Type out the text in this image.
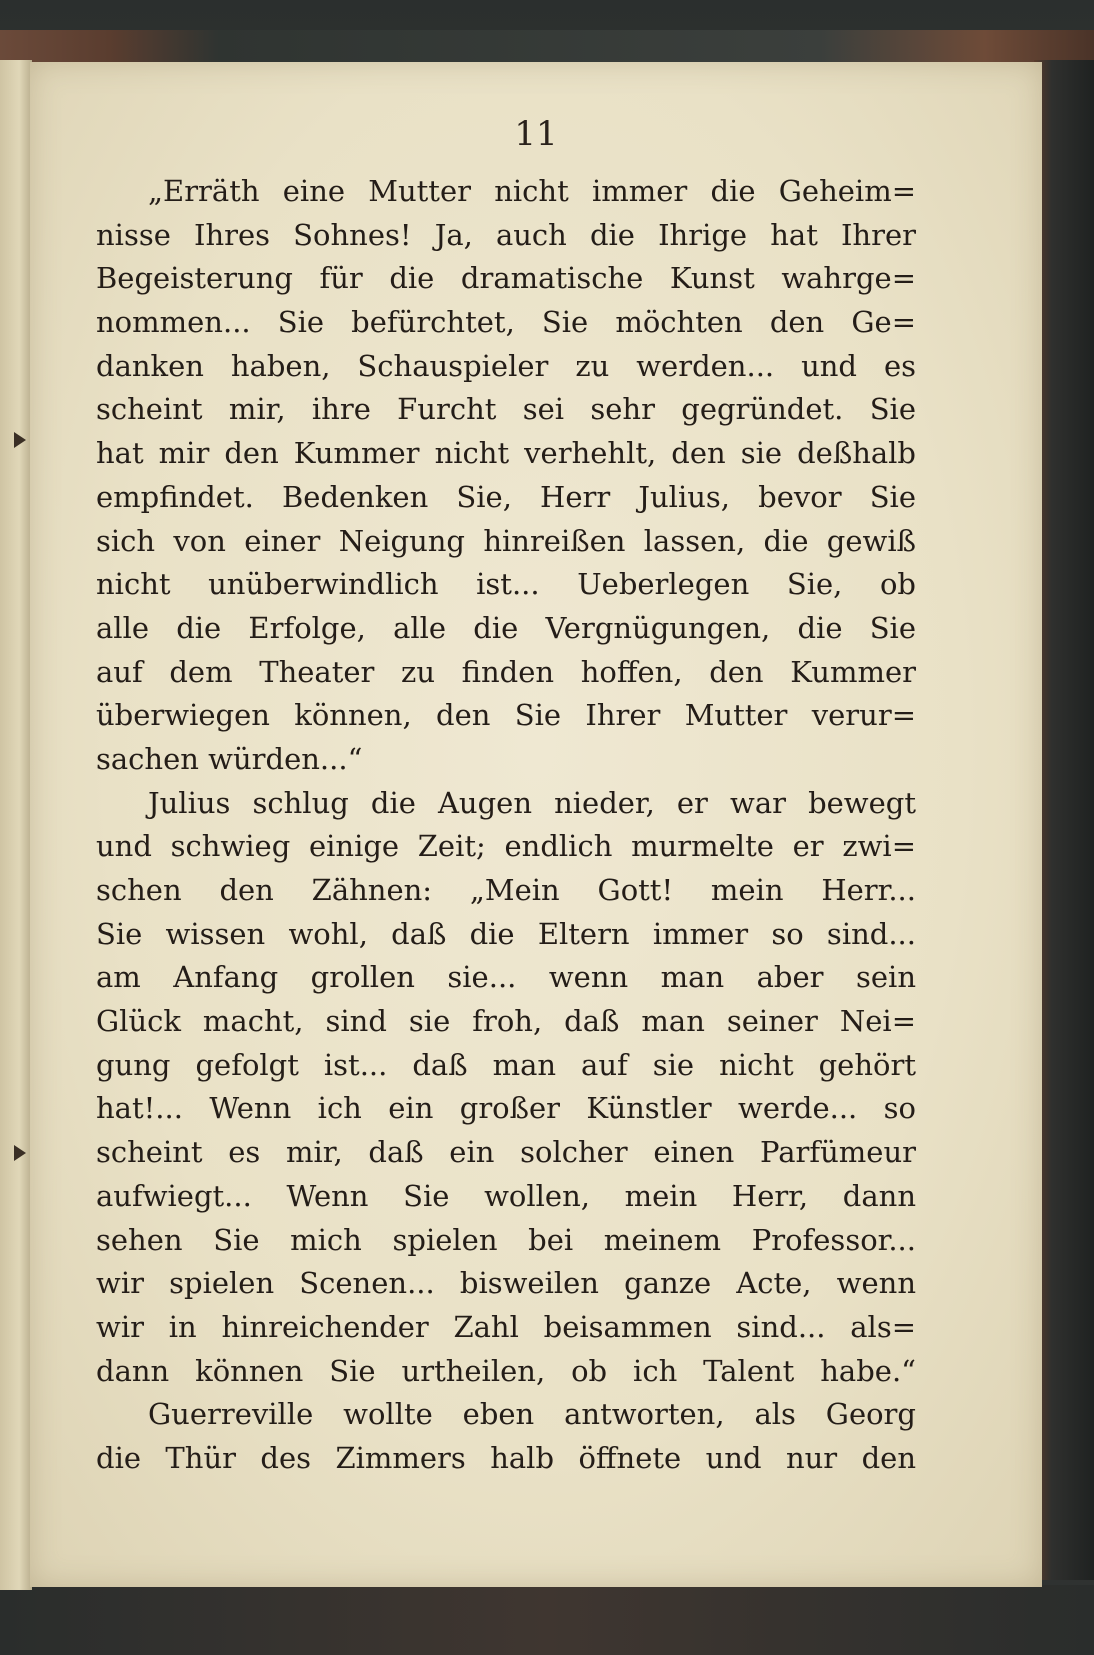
11
„Erräth eine Mutter nicht immer die Geheim=
nisse Ihres Sohnes! Ja, auch die Ihrige hat Ihrer
Begeisterung für die dramatische Kunst wahrge=
nommen... Sie befürchtet, Sie möchten den Ge=
danken haben, Schauspieler zu werden... und es
scheint mir, ihre Furcht sei sehr gegründet. Sie
hat mir den Kummer nicht verhehlt, den sie deßhalb
empfindet. Bedenken Sie, Herr Julius, bevor Sie
sich von einer Neigung hinreißen lassen, die gewiß
nicht unüberwindlich ist... Ueberlegen Sie, ob
alle die Erfolge, alle die Vergnügungen, die Sie
auf dem Theater zu finden hoffen, den Kummer
überwiegen können, den Sie Ihrer Mutter verur=
sachen würden...“
Julius schlug die Augen nieder, er war bewegt
und schwieg einige Zeit; endlich murmelte er zwi=
schen den Zähnen: „Mein Gott! mein Herr...
Sie wissen wohl, daß die Eltern immer so sind...
am Anfang grollen sie... wenn man aber sein
Glück macht, sind sie froh, daß man seiner Nei=
gung gefolgt ist... daß man auf sie nicht gehört
hat!... Wenn ich ein großer Künstler werde... so
scheint es mir, daß ein solcher einen Parfümeur
aufwiegt... Wenn Sie wollen, mein Herr, dann
sehen Sie mich spielen bei meinem Professor...
wir spielen Scenen... bisweilen ganze Acte, wenn
wir in hinreichender Zahl beisammen sind... als=
dann können Sie urtheilen, ob ich Talent habe.“
Guerreville wollte eben antworten, als Georg
die Thür des Zimmers halb öffnete und nur den
